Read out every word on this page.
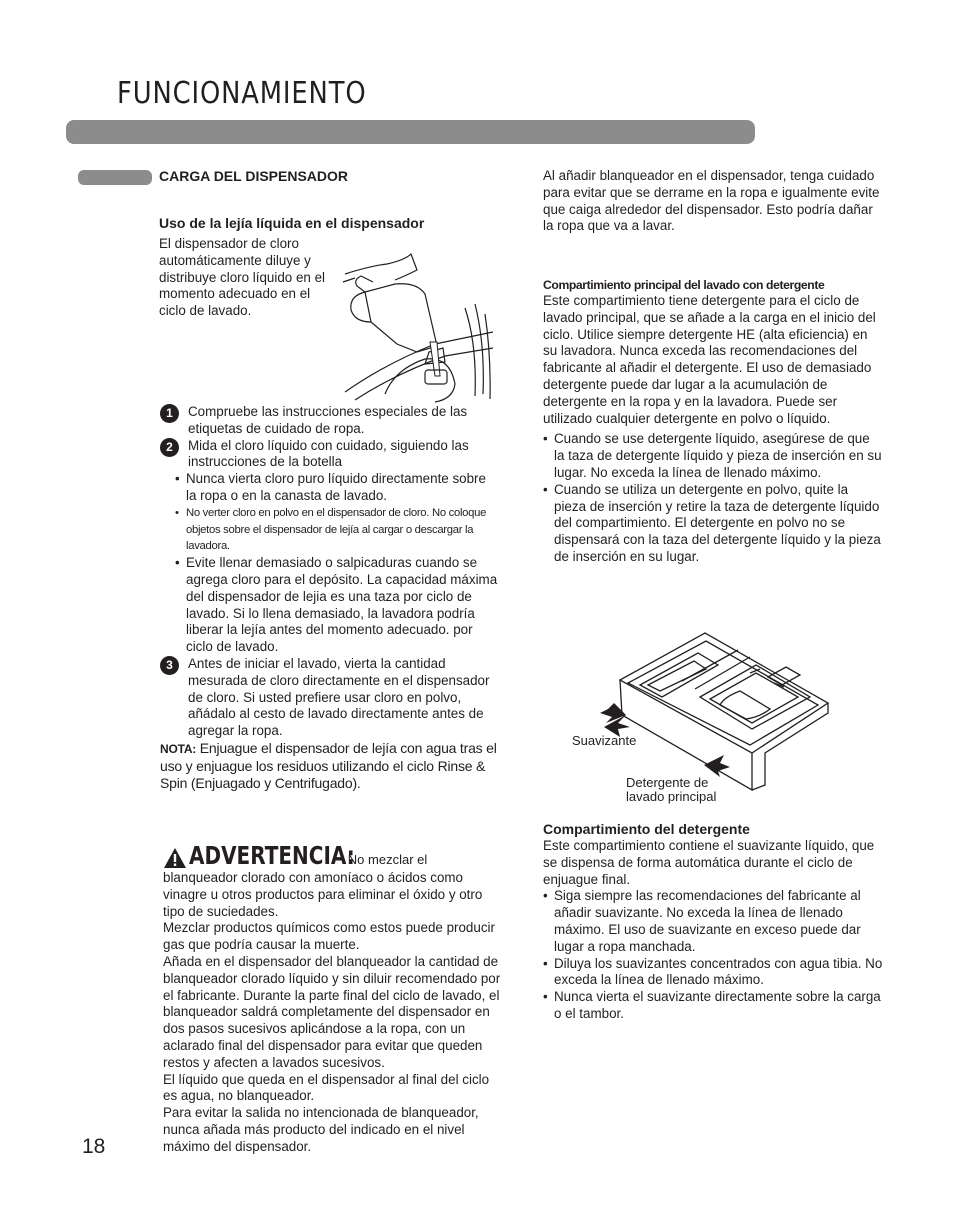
FUNCIONAMIENTO

CARGA DEL DISPENSADOR

Uso de la lejía líquida en el dispensador

El dispensador de cloro automáticamente diluye y distribuye cloro líquido en el momento adecuado en el ciclo de lavado.

1	Compruebe las instrucciones especiales de las etiquetas de cuidado de ropa.

2	Mida el cloro líquido con cuidado, siguiendo las instrucciones de la botella

• Nunca vierta cloro puro líquido directamente sobre la ropa o en la canasta de lavado.

• No verter cloro en polvo en el dispensador de cloro. No coloque objetos sobre el dispensador de lejía al cargar o descargar la lavadora.

• Evite llenar demasiado o salpicaduras cuando se agrega cloro para el depósito. La capacidad máxima del dispensador de lejia es una taza por ciclo de lavado. Si lo llena demasiado, la lavadora podría liberar la lejía antes del momento adecuado. por ciclo de lavado.

3	Antes de iniciar el lavado, vierta la cantidad mesurada de cloro directamente en el dispensador de cloro. Si usted prefiere usar cloro en polvo, añádalo al cesto de lavado directamente antes de agregar la ropa.

NOTA: Enjuague el dispensador de lejía con agua tras el uso y enjuague los residuos utilizando el ciclo Rinse & Spin (Enjuagado y Centrifugado).

ADVERTENCIA: No mezclar el

blanqueador clorado con amoníaco o ácidos como vinagre u otros productos para eliminar el óxido y otro tipo de suciedades.

Mezclar productos químicos como estos puede producir gas que podría causar la muerte.

Añada en el dispensador del blanqueador la cantidad de blanqueador clorado líquido y sin diluir recomendado por el fabricante. Durante la parte final del ciclo de lavado, el blanqueador saldrá completamente del dispensador en dos pasos sucesivos aplicándose a la ropa, con un aclarado final del dispensador para evitar que queden restos y afecten a lavados sucesivos.

El líquido que queda en el dispensador al final del ciclo es agua, no blanqueador.

Para evitar la salida no intencionada de blanqueador, nunca añada más producto del indicado en el nivel máximo del dispensador.

18

Al añadir blanqueador en el dispensador, tenga cuidado para evitar que se derrame en la ropa e igualmente evite que caiga alrededor del dispensador. Esto podría dañar la ropa que va a lavar.

Compartimiento principal del lavado con detergente

Este compartimiento tiene detergente para el ciclo de lavado principal, que se añade a la carga en el inicio del ciclo. Utilice siempre detergente HE (alta eficiencia) en su lavadora. Nunca exceda las recomendaciones del fabricante al añadir el detergente. El uso de demasiado detergente puede dar lugar a la acumulación de detergente en la ropa y en la lavadora. Puede ser utilizado cualquier detergente en polvo o líquido.

• Cuando se use detergente líquido, asegúrese de que la taza de detergente líquido y pieza de inserción en su lugar. No exceda la línea de llenado máximo.

• Cuando se utiliza un detergente en polvo, quite la pieza de inserción y retire la taza de detergente líquido del compartimiento. El detergente en polvo no se dispensará con la taza del detergente líquido y la pieza de inserción en su lugar.

Suavizante

Detergente de

lavado principal

Compartimiento del detergente

Este compartimiento contiene el suavizante líquido, que se dispensa de forma automática durante el ciclo de enjuague final.

• Siga siempre las recomendaciones del fabricante al añadir suavizante. No exceda la línea de llenado máximo. El uso de suavizante en exceso puede dar lugar a ropa manchada.

• Diluya los suavizantes concentrados con agua tibia. No exceda la línea de llenado máximo.

• Nunca vierta el suavizante directamente sobre la carga o el tambor.
